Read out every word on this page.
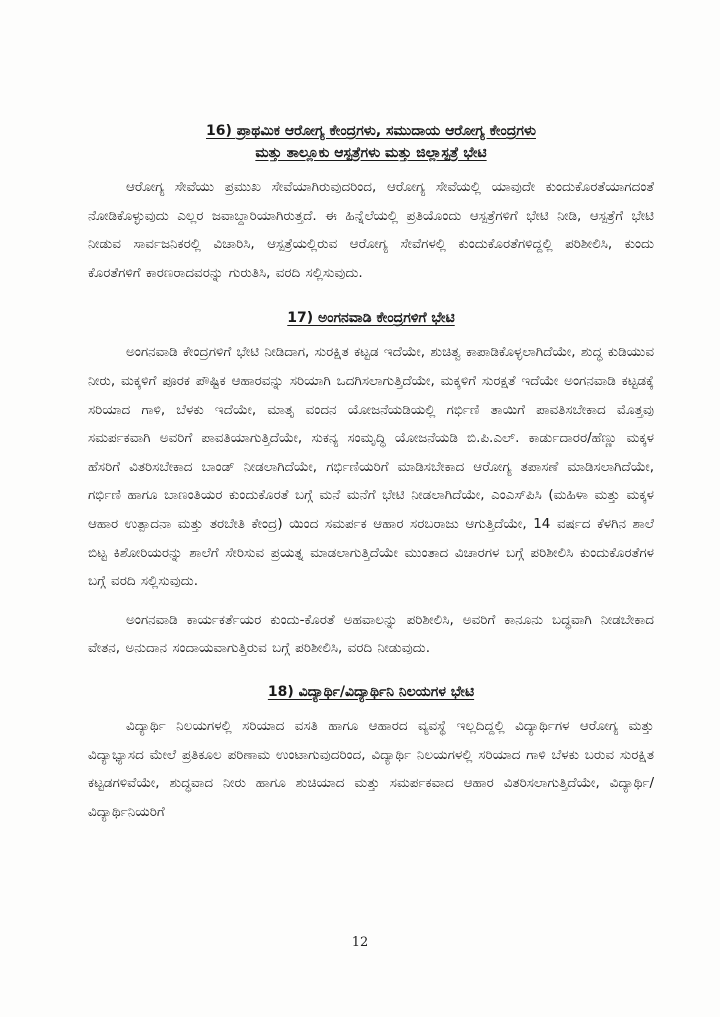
16) ಪ್ರಾಥಮಿಕ ಆರೋಗ್ಯ ಕೇಂದ್ರಗಳು, ಸಮುದಾಯ ಆರೋಗ್ಯ ಕೇಂದ್ರಗಳು
ಮತ್ತು ತಾಲ್ಲೂಕು ಆಸ್ಪತ್ರೆಗಳು ಮತ್ತು ಜಿಲ್ಲಾಸ್ಪತ್ರೆ ಭೇಟಿ

ಆರೋಗ್ಯ ಸೇವೆಯು ಪ್ರಮುಖ ಸೇವೆಯಾಗಿರುವುದರಿಂದ, ಆರೋಗ್ಯ ಸೇವೆಯಲ್ಲಿ ಯಾವುದೇ ಕುಂದುಕೊರತೆಯಾಗದಂತೆ ನೋಡಿಕೊಳ್ಳುವುದು ಎಲ್ಲರ ಜವಾಬ್ದಾರಿಯಾಗಿರುತ್ತದೆ. ಈ ಹಿನ್ನೆಲೆಯಲ್ಲಿ ಪ್ರತಿಯೊಂದು ಆಸ್ಪತ್ರೆಗಳಿಗೆ ಭೇಟಿ ನೀಡಿ, ಆಸ್ಪತ್ರೆಗೆ ಭೇಟಿ ನೀಡುವ ಸಾರ್ವಜನಿಕರಲ್ಲಿ ವಿಚಾರಿಸಿ, ಆಸ್ಪತ್ರೆಯಲ್ಲಿರುವ ಆರೋಗ್ಯ ಸೇವೆಗಳಲ್ಲಿ ಕುಂದುಕೊರತೆಗಳಿದ್ದಲ್ಲಿ ಪರಿಶೀಲಿಸಿ, ಕುಂದು ಕೊರತೆಗಳಿಗೆ ಕಾರಣರಾದವರನ್ನು ಗುರುತಿಸಿ, ವರದಿ ಸಲ್ಲಿಸುವುದು.

17) ಅಂಗನವಾಡಿ ಕೇಂದ್ರಗಳಿಗೆ ಭೇಟಿ

ಅಂಗನವಾಡಿ ಕೇಂದ್ರಗಳಿಗೆ ಭೇಟಿ ನೀಡಿದಾಗ, ಸುರಕ್ಷಿತ ಕಟ್ಟಡ ಇದೆಯೇ, ಶುಚಿತ್ವ ಕಾಪಾಡಿಕೊಳ್ಳಲಾಗಿದೆಯೇ, ಶುದ್ಧ ಕುಡಿಯುವ ನೀರು, ಮಕ್ಕಳಿಗೆ ಪೂರಕ ಪೌಷ್ಟಿಕ ಆಹಾರವನ್ನು ಸರಿಯಾಗಿ ಒದಗಿಸಲಾಗುತ್ತಿದೆಯೇ, ಮಕ್ಕಳಿಗೆ ಸುರಕ್ಷತೆ ಇದೆಯೇ ಅಂಗನವಾಡಿ ಕಟ್ಟಡಕ್ಕೆ ಸರಿಯಾದ ಗಾಳಿ, ಬೆಳಕು ಇದೆಯೇ, ಮಾತೃ ವಂದನ ಯೋಜನೆಯಡಿಯಲ್ಲಿ ಗರ್ಭಿಣಿ ತಾಯಿಗೆ ಪಾವತಿಸಬೇಕಾದ ಮೊತ್ತವು ಸಮರ್ಪಕವಾಗಿ ಅವರಿಗೆ ಪಾವತಿಯಾಗುತ್ತಿದೆಯೇ, ಸುಕನ್ಯ ಸಂಮೃದ್ಧಿ ಯೋಜನೆಯಡಿ ಬಿ.ಪಿ.ಎಲ್. ಕಾರ್ಡುದಾರರ/ಹೆಣ್ಣು ಮಕ್ಕಳ ಹೆಸರಿಗೆ ವಿತರಿಸಬೇಕಾದ ಬಾಂಡ್ ನೀಡಲಾಗಿದೆಯೇ, ಗರ್ಭಿಣಿಯರಿಗೆ ಮಾಡಿಸಬೇಕಾದ ಆರೋಗ್ಯ ತಪಾಸಣೆ ಮಾಡಿಸಲಾಗಿದೆಯೇ, ಗರ್ಭಿಣಿ ಹಾಗೂ ಬಾಣಂತಿಯರ ಕುಂದುಕೊರತೆ ಬಗ್ಗೆ ಮನೆ ಮನೆಗೆ ಭೇಟಿ ನೀಡಲಾಗಿದೆಯೇ, ಎಂಎಸ್‌ಪಿಸಿ (ಮಹಿಳಾ ಮತ್ತು ಮಕ್ಕಳ ಆಹಾರ ಉತ್ಪಾದನಾ ಮತ್ತು ತರಬೇತಿ ಕೇಂದ್ರ) ಯಿಂದ ಸಮರ್ಪಕ ಆಹಾರ ಸರಬರಾಜು ಆಗುತ್ತಿದೆಯೇ, 14 ವರ್ಷದ ಕೆಳಗಿನ ಶಾಲೆ ಬಿಟ್ಟ ಕಿಶೋರಿಯರನ್ನು ಶಾಲೆಗೆ ಸೇರಿಸುವ ಪ್ರಯತ್ನ ಮಾಡಲಾಗುತ್ತಿದೆಯೇ ಮುಂತಾದ ವಿಚಾರಗಳ ಬಗ್ಗೆ ಪರಿಶೀಲಿಸಿ ಕುಂದುಕೊರತೆಗಳ ಬಗ್ಗೆ ವರದಿ ಸಲ್ಲಿಸುವುದು.

ಅಂಗನವಾಡಿ ಕಾರ್ಯಕರ್ತೆಯರ ಕುಂದು-ಕೊರತೆ ಅಹವಾಲನ್ನು ಪರಿಶೀಲಿಸಿ, ಅವರಿಗೆ ಕಾನೂನು ಬದ್ಧವಾಗಿ ನೀಡಬೇಕಾದ ವೇತನ, ಅನುದಾನ ಸಂದಾಯವಾಗುತ್ತಿರುವ ಬಗ್ಗೆ ಪರಿಶೀಲಿಸಿ, ವರದಿ ನೀಡುವುದು.

18) ವಿದ್ಯಾರ್ಥಿ/ವಿದ್ಯಾರ್ಥಿನಿ ನಿಲಯಗಳ ಭೇಟಿ

ವಿದ್ಯಾರ್ಥಿ ನಿಲಯಗಳಲ್ಲಿ ಸರಿಯಾದ ವಸತಿ ಹಾಗೂ ಆಹಾರದ ವ್ಯವಸ್ಥೆ ಇಲ್ಲದಿದ್ದಲ್ಲಿ ವಿದ್ಯಾರ್ಥಿಗಳ ಆರೋಗ್ಯ ಮತ್ತು ವಿದ್ಯಾಭ್ಯಾಸದ ಮೇಲೆ ಪ್ರತಿಕೂಲ ಪರಿಣಾಮ ಉಂಟಾಗುವುದರಿಂದ, ವಿದ್ಯಾರ್ಥಿ ನಿಲಯಗಳಲ್ಲಿ ಸರಿಯಾದ ಗಾಳಿ ಬೆಳಕು ಬರುವ ಸುರಕ್ಷಿತ ಕಟ್ಟಡಗಳಿವೆಯೇ, ಶುದ್ಧವಾದ ನೀರು ಹಾಗೂ ಶುಚಿಯಾದ ಮತ್ತು ಸಮರ್ಪಕವಾದ ಆಹಾರ ವಿತರಿಸಲಾಗುತ್ತಿದೆಯೇ, ವಿದ್ಯಾರ್ಥಿ/ವಿದ್ಯಾರ್ಥಿನಿಯರಿಗೆ

12
